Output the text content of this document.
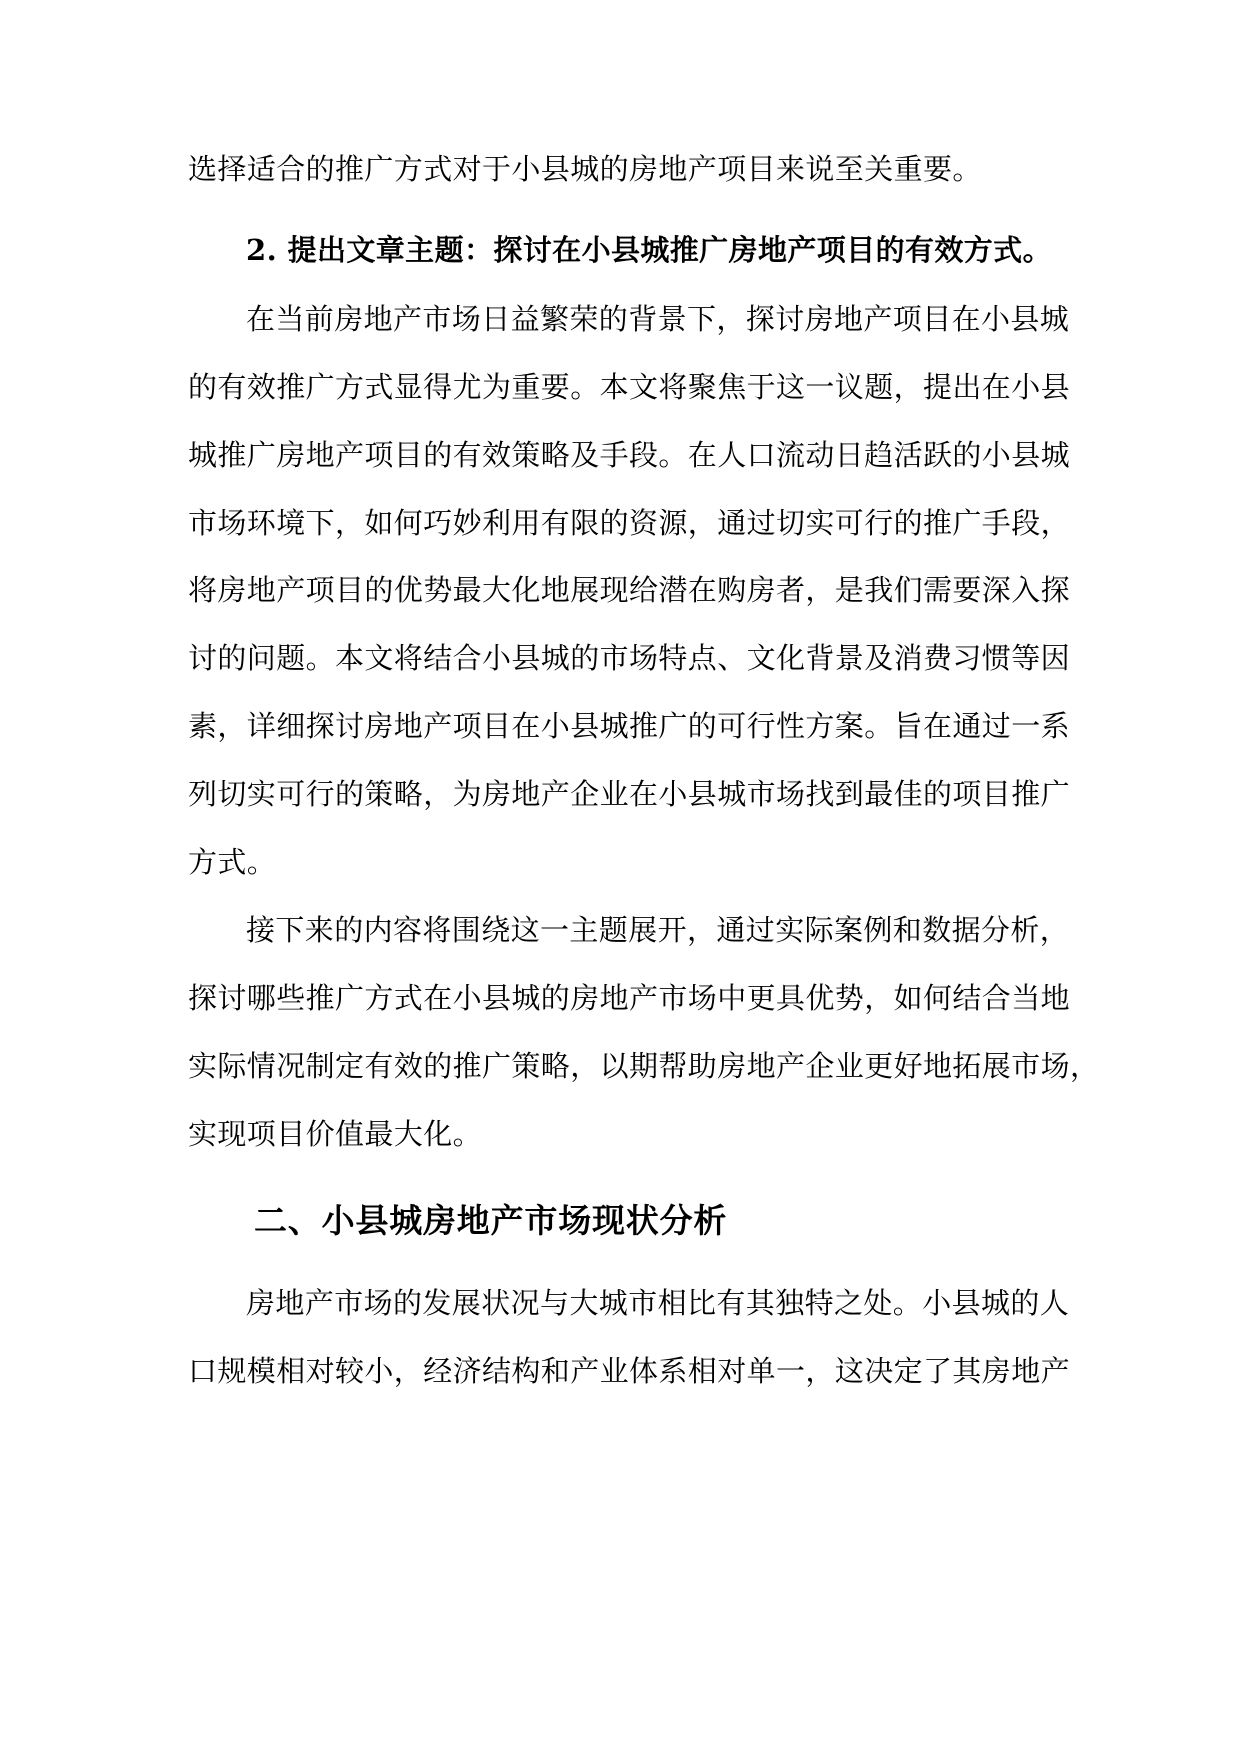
选择适合的推广方式对于小县城的房地产项目来说至关重要。
2. 提出文章主题：探讨在小县城推广房地产项目的有效方式。
在当前房地产市场日益繁荣的背景下，探讨房地产项目在小县城
的有效推广方式显得尤为重要。本文将聚焦于这一议题，提出在小县
城推广房地产项目的有效策略及手段。在人口流动日趋活跃的小县城
市场环境下，如何巧妙利用有限的资源，通过切实可行的推广手段，
将房地产项目的优势最大化地展现给潜在购房者，是我们需要深入探
讨的问题。本文将结合小县城的市场特点、文化背景及消费习惯等因
素，详细探讨房地产项目在小县城推广的可行性方案。旨在通过一系
列切实可行的策略，为房地产企业在小县城市场找到最佳的项目推广
方式。
接下来的内容将围绕这一主题展开，通过实际案例和数据分析，
探讨哪些推广方式在小县城的房地产市场中更具优势，如何结合当地
实际情况制定有效的推广策略，以期帮助房地产企业更好地拓展市场，
实现项目价值最大化。
二、小县城房地产市场现状分析
房地产市场的发展状况与大城市相比有其独特之处。小县城的人
口规模相对较小，经济结构和产业体系相对单一，这决定了其房地产
